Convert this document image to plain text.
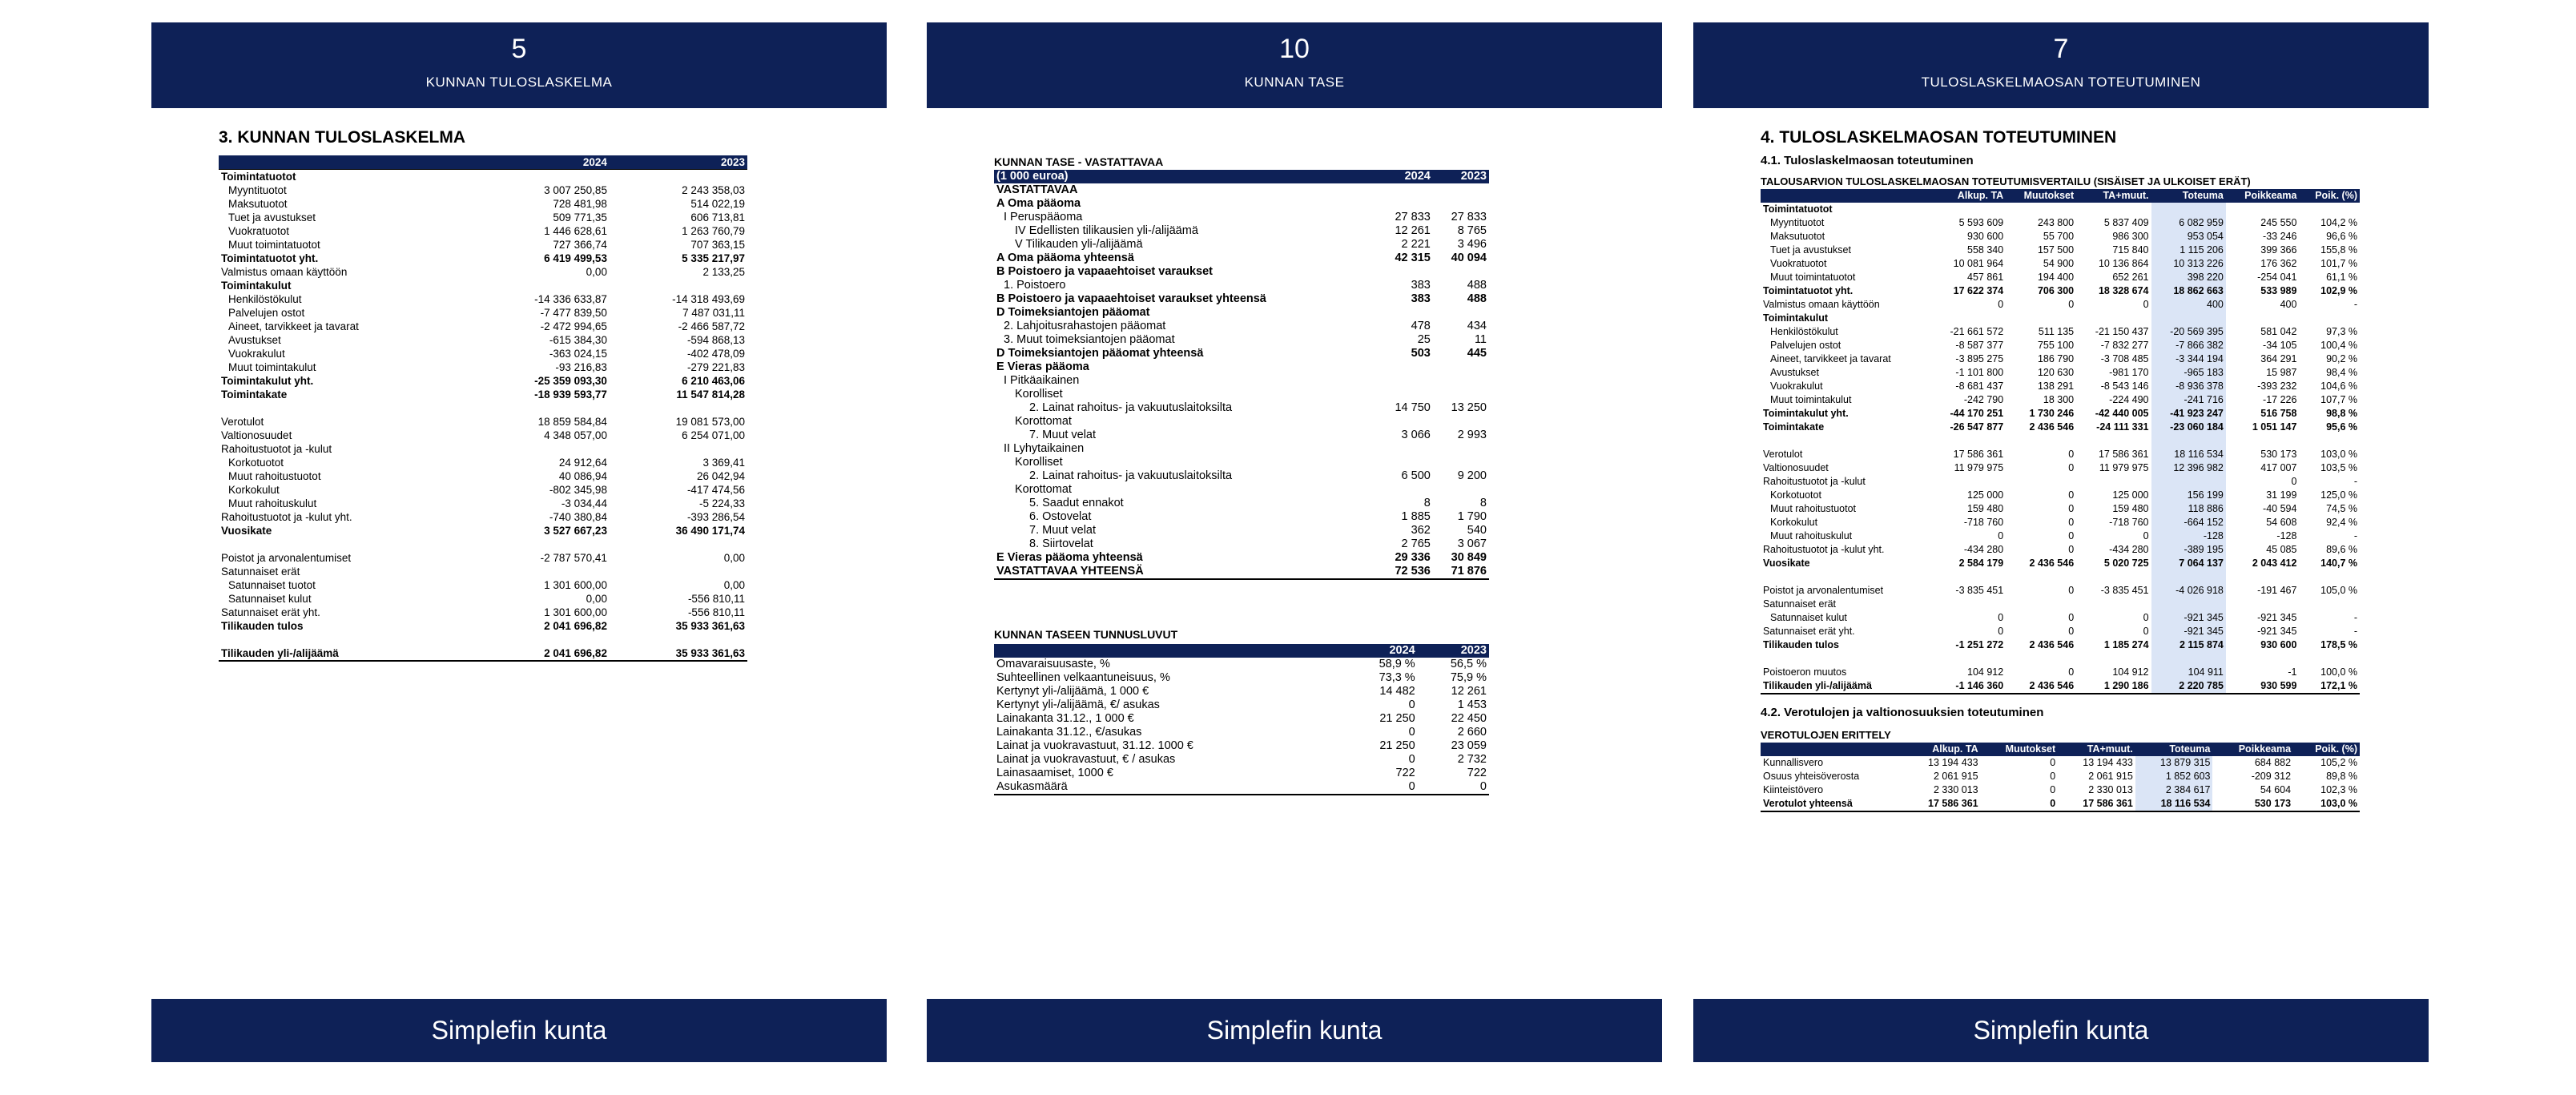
5
KUNNAN TULOSLASKELMA
3. KUNNAN TULOSLASKELMA
	2024	2023
Toimintatuotot		
Myyntituotot	3 007 250,85	2 243 358,03
Maksutuotot	728 481,98	514 022,19
Tuet ja avustukset	509 771,35	606 713,81
Vuokratuotot	1 446 628,61	1 263 760,79
Muut toimintatuotot	727 366,74	707 363,15
Toimintatuotot yht.	6 419 499,53	5 335 217,97
Valmistus omaan käyttöön	0,00	2 133,25
Toimintakulut		
Henkilöstökulut	-14 336 633,87	-14 318 493,69
Palvelujen ostot	-7 477 839,50	7 487 031,11
Aineet, tarvikkeet ja tavarat	-2 472 994,65	-2 466 587,72
Avustukset	-615 384,30	-594 868,13
Vuokrakulut	-363 024,15	-402 478,09
Muut toimintakulut	-93 216,83	-279 221,83
Toimintakulut yht.	-25 359 093,30	6 210 463,06
Toimintakate	-18 939 593,77	11 547 814,28

Verotulot	18 859 584,84	19 081 573,00
Valtionosuudet	4 348 057,00	6 254 071,00
Rahoitustuotot ja -kulut		
Korkotuotot	24 912,64	3 369,41
Muut rahoitustuotot	40 086,94	26 042,94
Korkokulut	-802 345,98	-417 474,56
Muut rahoituskulut	-3 034,44	-5 224,33
Rahoitustuotot ja -kulut yht.	-740 380,84	-393 286,54
Vuosikate	3 527 667,23	36 490 171,74

Poistot ja arvonalentumiset	-2 787 570,41	0,00
Satunnaiset erät		
Satunnaiset tuotot	1 301 600,00	0,00
Satunnaiset kulut	0,00	-556 810,11
Satunnaiset erät yht.	1 301 600,00	-556 810,11
Tilikauden tulos	2 041 696,82	35 933 361,63

Tilikauden yli-/alijäämä	2 041 696,82	35 933 361,63
Simplefin kunta
10
KUNNAN TASE
KUNNAN TASE - VASTATTAVAA
(1 000 euroa)	2024	2023
VASTATTAVAA		
A Oma pääoma		
I Peruspääoma	27 833	27 833
IV Edellisten tilikausien yli-/alijäämä	12 261	8 765
V Tilikauden yli-/alijäämä	2 221	3 496
A Oma pääoma yhteensä	42 315	40 094
B Poistoero ja vapaaehtoiset varaukset		
1. Poistoero	383	488
B Poistoero ja vapaaehtoiset varaukset yhteensä	383	488
D Toimeksiantojen pääomat		
2. Lahjoitusrahastojen pääomat	478	434
3. Muut toimeksiantojen pääomat	25	11
D Toimeksiantojen pääomat yhteensä	503	445
E Vieras pääoma		
I Pitkäaikainen		
Korolliset		
2. Lainat rahoitus- ja vakuutuslaitoksilta	14 750	13 250
Korottomat		
7. Muut velat	3 066	2 993
II Lyhytaikainen		
Korolliset		
2. Lainat rahoitus- ja vakuutuslaitoksilta	6 500	9 200
Korottomat		
5. Saadut ennakot	8	8
6. Ostovelat	1 885	1 790
7. Muut velat	362	540
8. Siirtovelat	2 765	3 067
E Vieras pääoma yhteensä	29 336	30 849
VASTATTAVAA YHTEENSÄ	72 536	71 876
KUNNAN TASEEN TUNNUSLUVUT
	2024	2023
Omavaraisuusaste, %	58,9 %	56,5 %
Suhteellinen velkaantuneisuus, %	73,3 %	75,9 %
Kertynyt yli-/alijäämä, 1 000 €	14 482	12 261
Kertynyt yli-/alijäämä, €/ asukas	0	1 453
Lainakanta 31.12., 1 000 €	21 250	22 450
Lainakanta 31.12., €/asukas	0	2 660
Lainat ja vuokravastuut, 31.12. 1000 €	21 250	23 059
Lainat ja vuokravastuut, € / asukas	0	2 732
Lainasaamiset, 1000 €	722	722
Asukasmäärä	0	0
Simplefin kunta
7
TULOSLASKELMAOSAN TOTEUTUMINEN
4. TULOSLASKELMAOSAN TOTEUTUMINEN
4.1. Tuloslaskelmaosan toteutuminen
TALOUSARVION TULOSLASKELMAOSAN TOTEUTUMISVERTAILU (SISÄISET JA ULKOISET ERÄT)
	Alkup. TA	Muutokset	TA+muut.	Toteuma	Poikkeama	Poik. (%)
Toimintatuotot						
Myyntituotot	5 593 609	243 800	5 837 409	6 082 959	245 550	104,2 %
Maksutuotot	930 600	55 700	986 300	953 054	-33 246	96,6 %
Tuet ja avustukset	558 340	157 500	715 840	1 115 206	399 366	155,8 %
Vuokratuotot	10 081 964	54 900	10 136 864	10 313 226	176 362	101,7 %
Muut toimintatuotot	457 861	194 400	652 261	398 220	-254 041	61,1 %
Toimintatuotot yht.	17 622 374	706 300	18 328 674	18 862 663	533 989	102,9 %
Valmistus omaan käyttöön	0	0	0	400	400	-
Toimintakulut						
Henkilöstökulut	-21 661 572	511 135	-21 150 437	-20 569 395	581 042	97,3 %
Palvelujen ostot	-8 587 377	755 100	-7 832 277	-7 866 382	-34 105	100,4 %
Aineet, tarvikkeet ja tavarat	-3 895 275	186 790	-3 708 485	-3 344 194	364 291	90,2 %
Avustukset	-1 101 800	120 630	-981 170	-965 183	15 987	98,4 %
Vuokrakulut	-8 681 437	138 291	-8 543 146	-8 936 378	-393 232	104,6 %
Muut toimintakulut	-242 790	18 300	-224 490	-241 716	-17 226	107,7 %
Toimintakulut yht.	-44 170 251	1 730 246	-42 440 005	-41 923 247	516 758	98,8 %
Toimintakate	-26 547 877	2 436 546	-24 111 331	-23 060 184	1 051 147	95,6 %

Verotulot	17 586 361	0	17 586 361	18 116 534	530 173	103,0 %
Valtionosuudet	11 979 975	0	11 979 975	12 396 982	417 007	103,5 %
Rahoitustuotot ja -kulut					0	-
Korkotuotot	125 000	0	125 000	156 199	31 199	125,0 %
Muut rahoitustuotot	159 480	0	159 480	118 886	-40 594	74,5 %
Korkokulut	-718 760	0	-718 760	-664 152	54 608	92,4 %
Muut rahoituskulut	0	0	0	-128	-128	-
Rahoitustuotot ja -kulut yht.	-434 280	0	-434 280	-389 195	45 085	89,6 %
Vuosikate	2 584 179	2 436 546	5 020 725	7 064 137	2 043 412	140,7 %

Poistot ja arvonalentumiset	-3 835 451	0	-3 835 451	-4 026 918	-191 467	105,0 %
Satunnaiset erät						
Satunnaiset kulut	0	0	0	-921 345	-921 345	-
Satunnaiset erät yht.	0	0	0	-921 345	-921 345	-
Tilikauden tulos	-1 251 272	2 436 546	1 185 274	2 115 874	930 600	178,5 %

Poistoeron muutos	104 912	0	104 912	104 911	-1	100,0 %
Tilikauden yli-/alijäämä	-1 146 360	2 436 546	1 290 186	2 220 785	930 599	172,1 %
4.2. Verotulojen ja valtionosuuksien toteutuminen
VEROTULOJEN ERITTELY
	Alkup. TA	Muutokset	TA+muut.	Toteuma	Poikkeama	Poik. (%)
Kunnallisvero	13 194 433	0	13 194 433	13 879 315	684 882	105,2 %
Osuus yhteisöverosta	2 061 915	0	2 061 915	1 852 603	-209 312	89,8 %
Kiinteistövero	2 330 013	0	2 330 013	2 384 617	54 604	102,3 %
Verotulot yhteensä	17 586 361	0	17 586 361	18 116 534	530 173	103,0 %
Simplefin kunta
